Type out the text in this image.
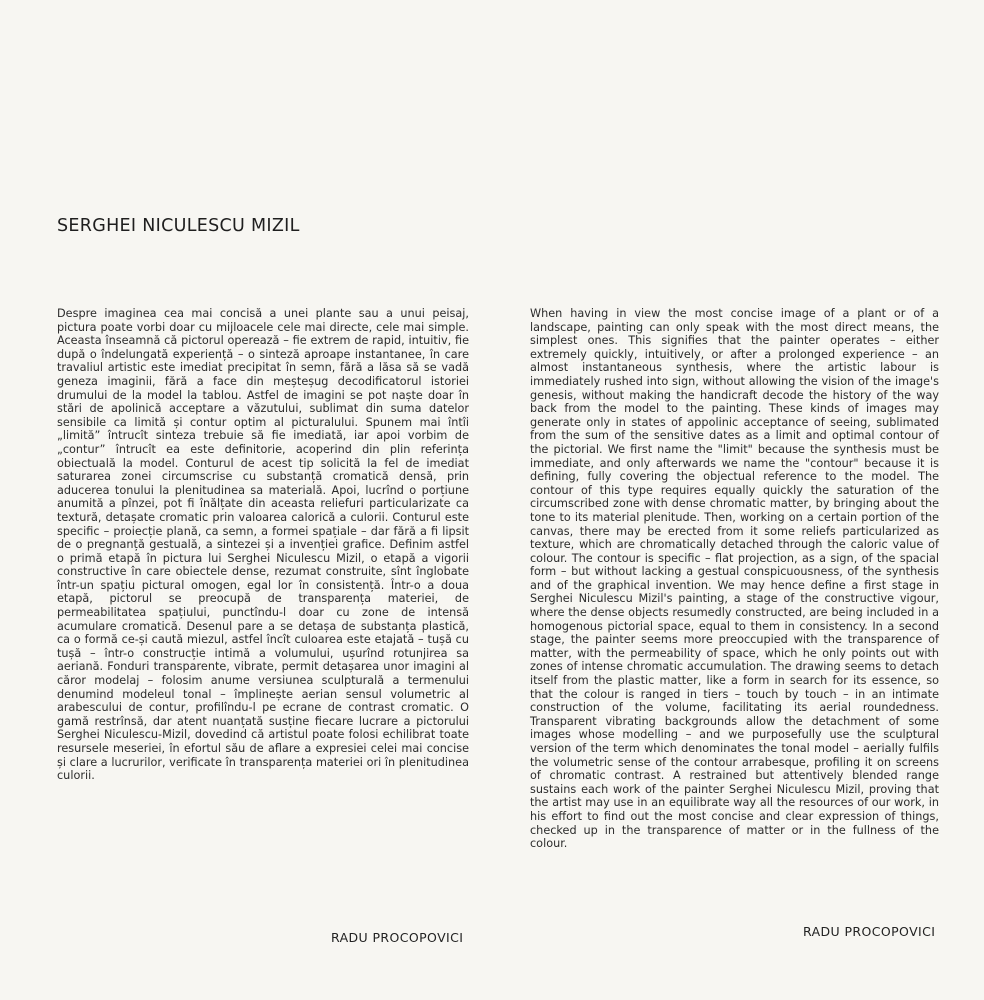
SERGHEI NICULESCU MIZIL

Despre imaginea cea mai concisă a unei plante sau a unui peisaj, pictura poate vorbi doar cu mijloacele cele mai directe, cele mai simple. Aceasta înseamnă că pictorul operează – fie extrem de rapid, intuitiv, fie după o îndelungată experiență – o sinteză aproape instantanee, în care travaliul artistic este imediat precipitat în semn, fără a lăsa să se vadă geneza imaginii, fără a face din meșteșug decodificatorul istoriei drumului de la model la tablou. Astfel de imagini se pot naște doar în stări de apolinică acceptare a văzutului, sublimat din suma datelor sensibile ca limită și contur optim al picturalului. Spunem mai întîi „limită” întrucît sinteza trebuie să fie imediată, iar apoi vorbim de „contur” întrucît ea este definitorie, acoperind din plin referința obiectuală la model. Conturul de acest tip solicită la fel de imediat saturarea zonei circumscrise cu substanță cromatică densă, prin aducerea tonului la plenitudinea sa materială. Apoi, lucrînd o porțiune anumită a pînzei, pot fi înălțate din aceasta reliefuri particularizate ca textură, detașate cromatic prin valoarea calorică a culorii. Conturul este specific – proiecție plană, ca semn, a formei spațiale – dar fără a fi lipsit de o pregnanță gestuală, a sintezei și a invenției grafice. Definim astfel o primă etapă în pictura lui Serghei Niculescu Mizil, o etapă a vigorii constructive în care obiectele dense, rezumat construite, sînt înglobate într-un spațiu pictural omogen, egal lor în consistență. Într-o a doua etapă, pictorul se preocupă de transparența materiei, de permeabilitatea spațiului, punctîndu-l doar cu zone de intensă acumulare cromatică. Desenul pare a se detașa de substanța plastică, ca o formă ce-și caută miezul, astfel încît culoarea este etajată – tușă cu tușă – într-o construcție intimă a volumului, ușurînd rotunjirea sa aeriană. Fonduri transparente, vibrate, permit detașarea unor imagini al căror modelaj – folosim anume versiunea sculpturală a termenului denumind modeleul tonal – împlinește aerian sensul volumetric al arabescului de contur, profilîndu-l pe ecrane de contrast cromatic. O gamă restrînsă, dar atent nuanțată susține fiecare lucrare a pictorului Serghei Niculescu-Mizil, dovedind că artistul poate folosi echilibrat toate resursele meseriei, în efortul său de aflare a expresiei celei mai concise și clare a lucrurilor, verificate în transparența materiei ori în plenitudinea culorii.

RADU PROCOPOVICI

When having in view the most concise image of a plant or of a landscape, painting can only speak with the most direct means, the simplest ones. This signifies that the painter operates – either extremely quickly, intuitively, or after a prolonged experience – an almost instantaneous synthesis, where the artistic labour is immediately rushed into sign, without allowing the vision of the image's genesis, without making the handicraft decode the history of the way back from the model to the painting. These kinds of images may generate only in states of appolinic acceptance of seeing, sublimated from the sum of the sensitive dates as a limit and optimal contour of the pictorial. We first name the "limit" because the synthesis must be immediate, and only afterwards we name the "contour" because it is defining, fully covering the objectual reference to the model. The contour of this type requires equally quickly the saturation of the circumscribed zone with dense chromatic matter, by bringing about the tone to its material plenitude. Then, working on a certain portion of the canvas, there may be erected from it some reliefs particularized as texture, which are chromatically detached through the caloric value of colour. The contour is specific – flat projection, as a sign, of the spacial form – but without lacking a gestual conspicuousness, of the synthesis and of the graphical invention. We may hence define a first stage in Serghei Niculescu Mizil's painting, a stage of the constructive vigour, where the dense objects resumedly constructed, are being included in a homogenous pictorial space, equal to them in consistency. In a second stage, the painter seems more preoccupied with the transparence of matter, with the permeability of space, which he only points out with zones of intense chromatic accumulation. The drawing seems to detach itself from the plastic matter, like a form in search for its essence, so that the colour is ranged in tiers – touch by touch – in an intimate construction of the volume, facilitating its aerial roundedness. Transparent vibrating backgrounds allow the detachment of some images whose modelling – and we purposefully use the sculptural version of the term which denominates the tonal model – aerially fulfils the volumetric sense of the contour arrabesque, profiling it on screens of chromatic contrast. A restrained but attentively blended range sustains each work of the painter Serghei Niculescu Mizil, proving that the artist may use in an equilibrate way all the resources of our work, in his effort to find out the most concise and clear expression of things, checked up in the transparence of matter or in the fullness of the colour.

RADU PROCOPOVICI
